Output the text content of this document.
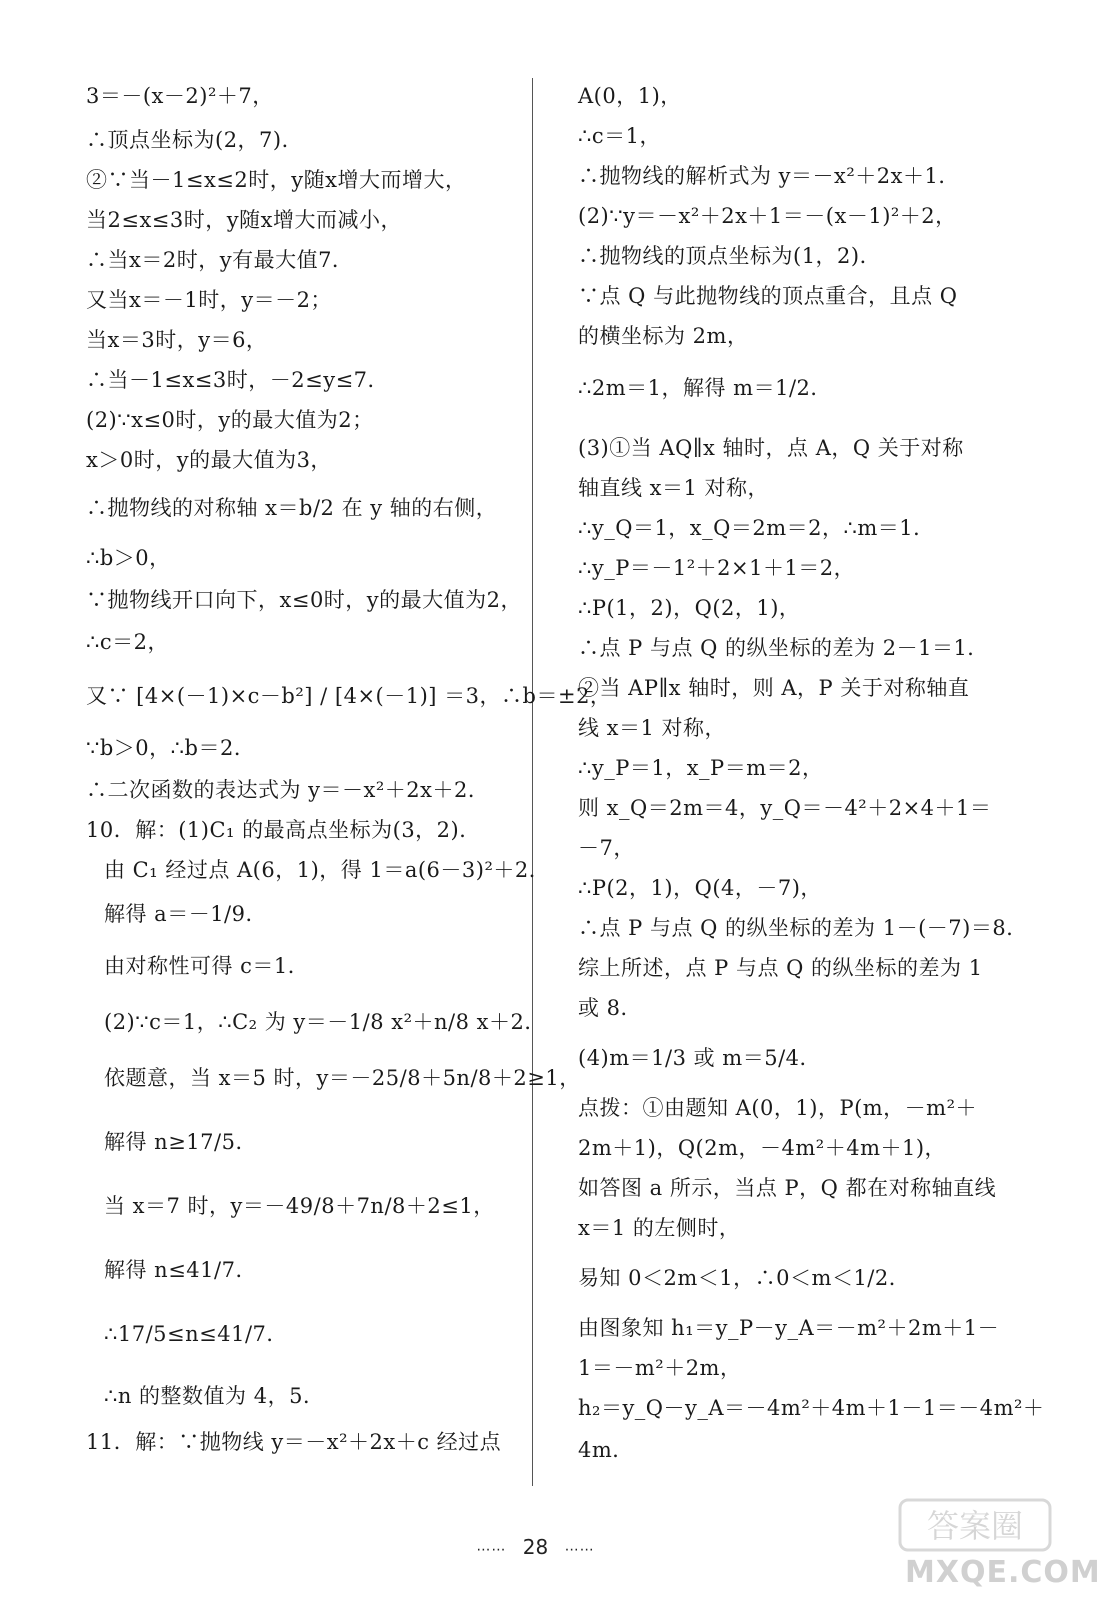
3＝－(x－2)²＋7，
∴顶点坐标为(2，7)．
②∵当－1≤x≤2时，y随x增大而增大，
当2≤x≤3时，y随x增大而减小，
∴当x＝2时，y有最大值7．
又当x＝－1时，y＝－2；
当x＝3时，y＝6，
∴当－1≤x≤3时，－2≤y≤7．
(2)∵x≤0时，y的最大值为2；
x＞0时，y的最大值为3，
∴抛物线的对称轴 x＝b/2 在 y 轴的右侧，
∴b＞0，
∵抛物线开口向下，x≤0时，y的最大值为2，
∴c＝2，
又∵ [4×(－1)×c－b²] / [4×(－1)] ＝3，∴b＝±2，
∵b＞0，∴b＝2．
∴二次函数的表达式为 y＝－x²＋2x＋2．
10．解：(1)C₁ 的最高点坐标为(3，2)．
由 C₁ 经过点 A(6，1)，得 1＝a(6－3)²＋2．
解得 a＝－1/9．
由对称性可得 c＝1．
(2)∵c＝1，∴C₂ 为 y＝－1/8 x²＋n/8 x＋2．
依题意，当 x＝5 时，y＝－25/8＋5n/8＋2≥1，
解得 n≥17/5．
当 x＝7 时，y＝－49/8＋7n/8＋2≤1，
解得 n≤41/7．
∴17/5≤n≤41/7．
∴n 的整数值为 4，5．
11．解：∵抛物线 y＝－x²＋2x＋c 经过点
A(0，1)，
∴c＝1，
∴抛物线的解析式为 y＝－x²＋2x＋1．
(2)∵y＝－x²＋2x＋1＝－(x－1)²＋2，
∴抛物线的顶点坐标为(1，2)．
∵点 Q 与此抛物线的顶点重合，且点 Q
的横坐标为 2m，
∴2m＝1，解得 m＝1/2．
(3)①当 AQ∥x 轴时，点 A，Q 关于对称
轴直线 x＝1 对称，
∴y_Q＝1，x_Q＝2m＝2，∴m＝1．
∴y_P＝－1²＋2×1＋1＝2，
∴P(1，2)，Q(2，1)，
∴点 P 与点 Q 的纵坐标的差为 2－1＝1．
②当 AP∥x 轴时，则 A，P 关于对称轴直
线 x＝1 对称，
∴y_P＝1，x_P＝m＝2，
则 x_Q＝2m＝4，y_Q＝－4²＋2×4＋1＝
－7，
∴P(2，1)，Q(4，－7)，
∴点 P 与点 Q 的纵坐标的差为 1－(－7)＝8．
综上所述，点 P 与点 Q 的纵坐标的差为 1
或 8．
(4)m＝1/3 或 m＝5/4．
点拨：①由题知 A(0，1)，P(m，－m²＋
2m＋1)，Q(2m，－4m²＋4m＋1)，
如答图 a 所示，当点 P，Q 都在对称轴直线
x＝1 的左侧时，
易知 0＜2m＜1，∴0＜m＜1/2．
由图象知 h₁＝y_P－y_A＝－m²＋2m＋1－
1＝－m²＋2m，
h₂＝y_Q－y_A＝－4m²＋4m＋1－1＝－4m²＋
4m．
…… 28 ……
答案圈
MXQE.COM
